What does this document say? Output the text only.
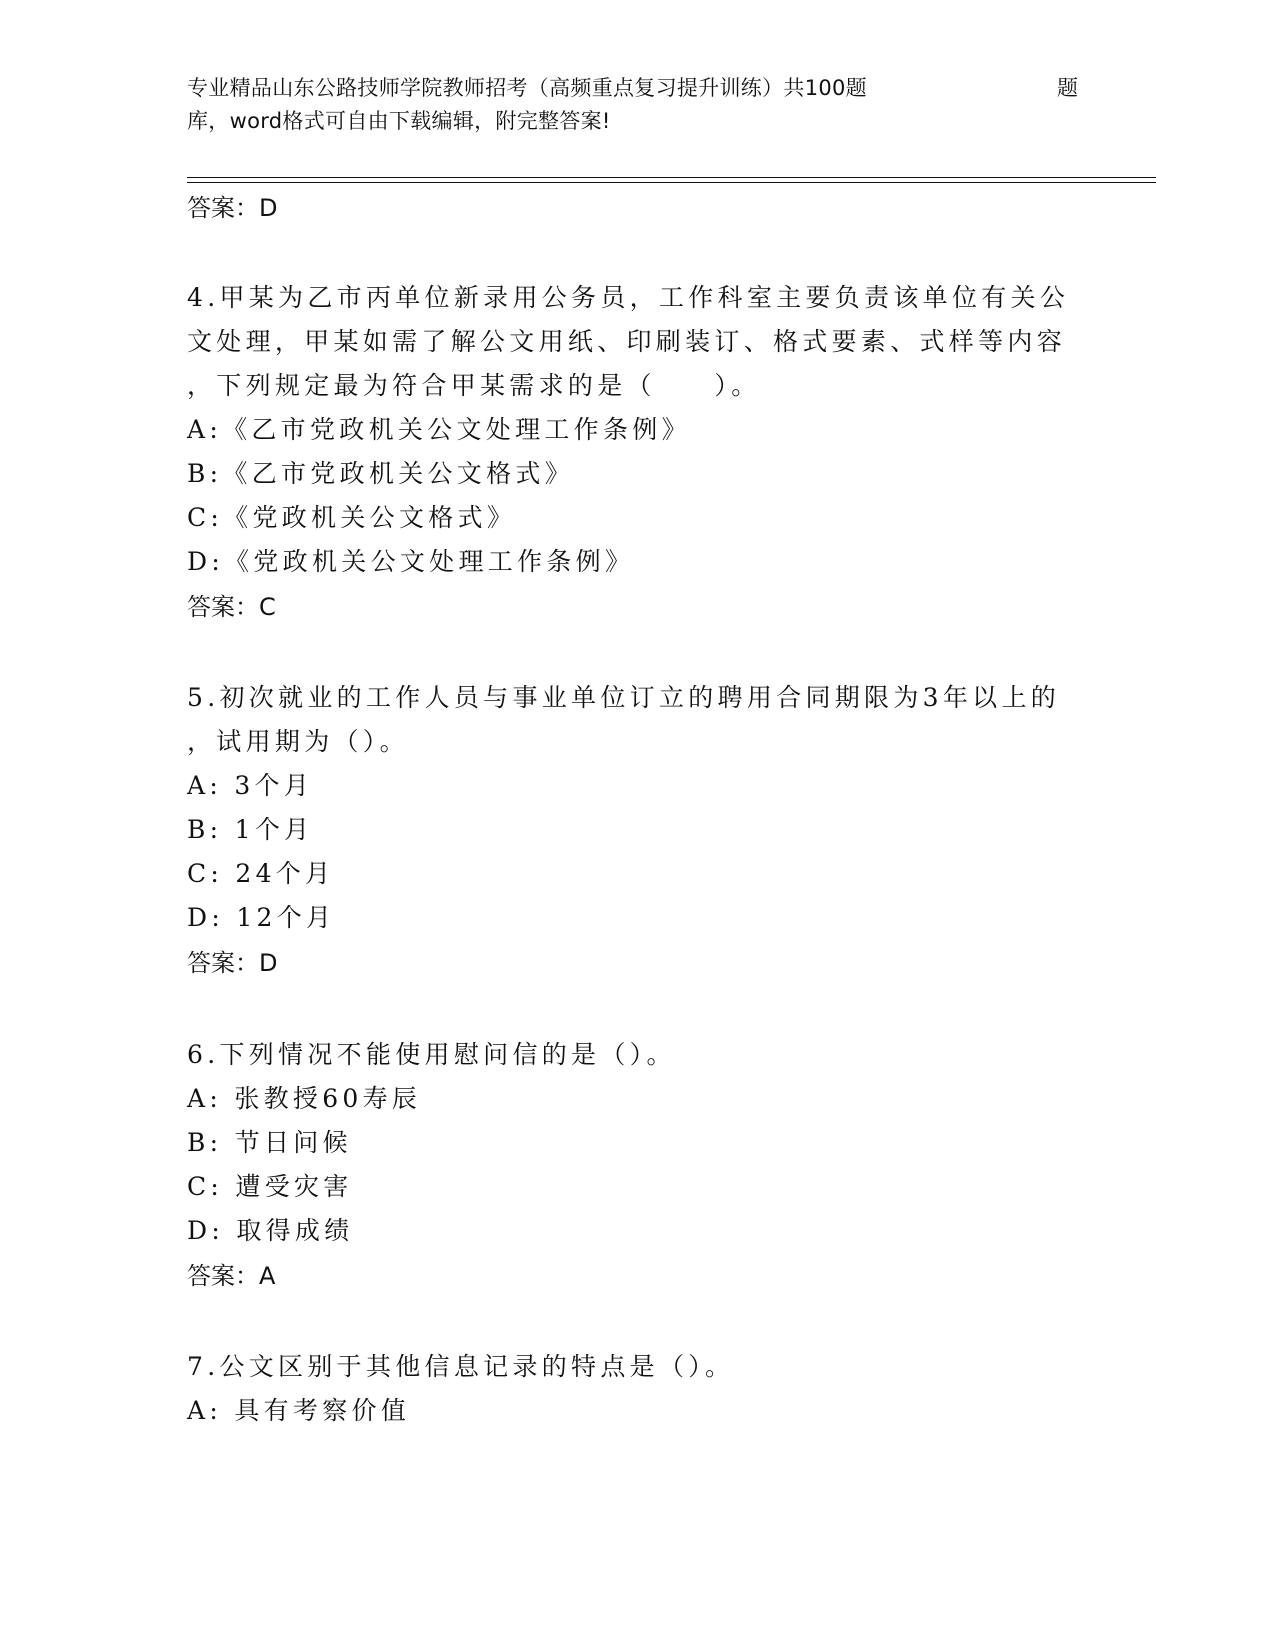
专业精品山东公路技师学院教师招考（高频重点复习提升训练）共100题	题
库，word格式可自由下载编辑，附完整答案!
答案：D
4.甲某为乙市丙单位新录用公务员，工作科室主要负责该单位有关公
文处理，甲某如需了解公文用纸、印刷装订、格式要素、式样等内容
，下列规定最为符合甲某需求的是（　　）。
A:《乙市党政机关公文处理工作条例》
B:《乙市党政机关公文格式》
C:《党政机关公文格式》
D:《党政机关公文处理工作条例》
答案：C
5.初次就业的工作人员与事业单位订立的聘用合同期限为3年以上的
，试用期为（）。
A: 3个月
B: 1个月
C: 24个月
D: 12个月
答案：D
6.下列情况不能使用慰问信的是（）。
A: 张教授60寿辰
B: 节日问候
C: 遭受灾害
D: 取得成绩
答案：A
7.公文区别于其他信息记录的特点是（）。
A: 具有考察价值
